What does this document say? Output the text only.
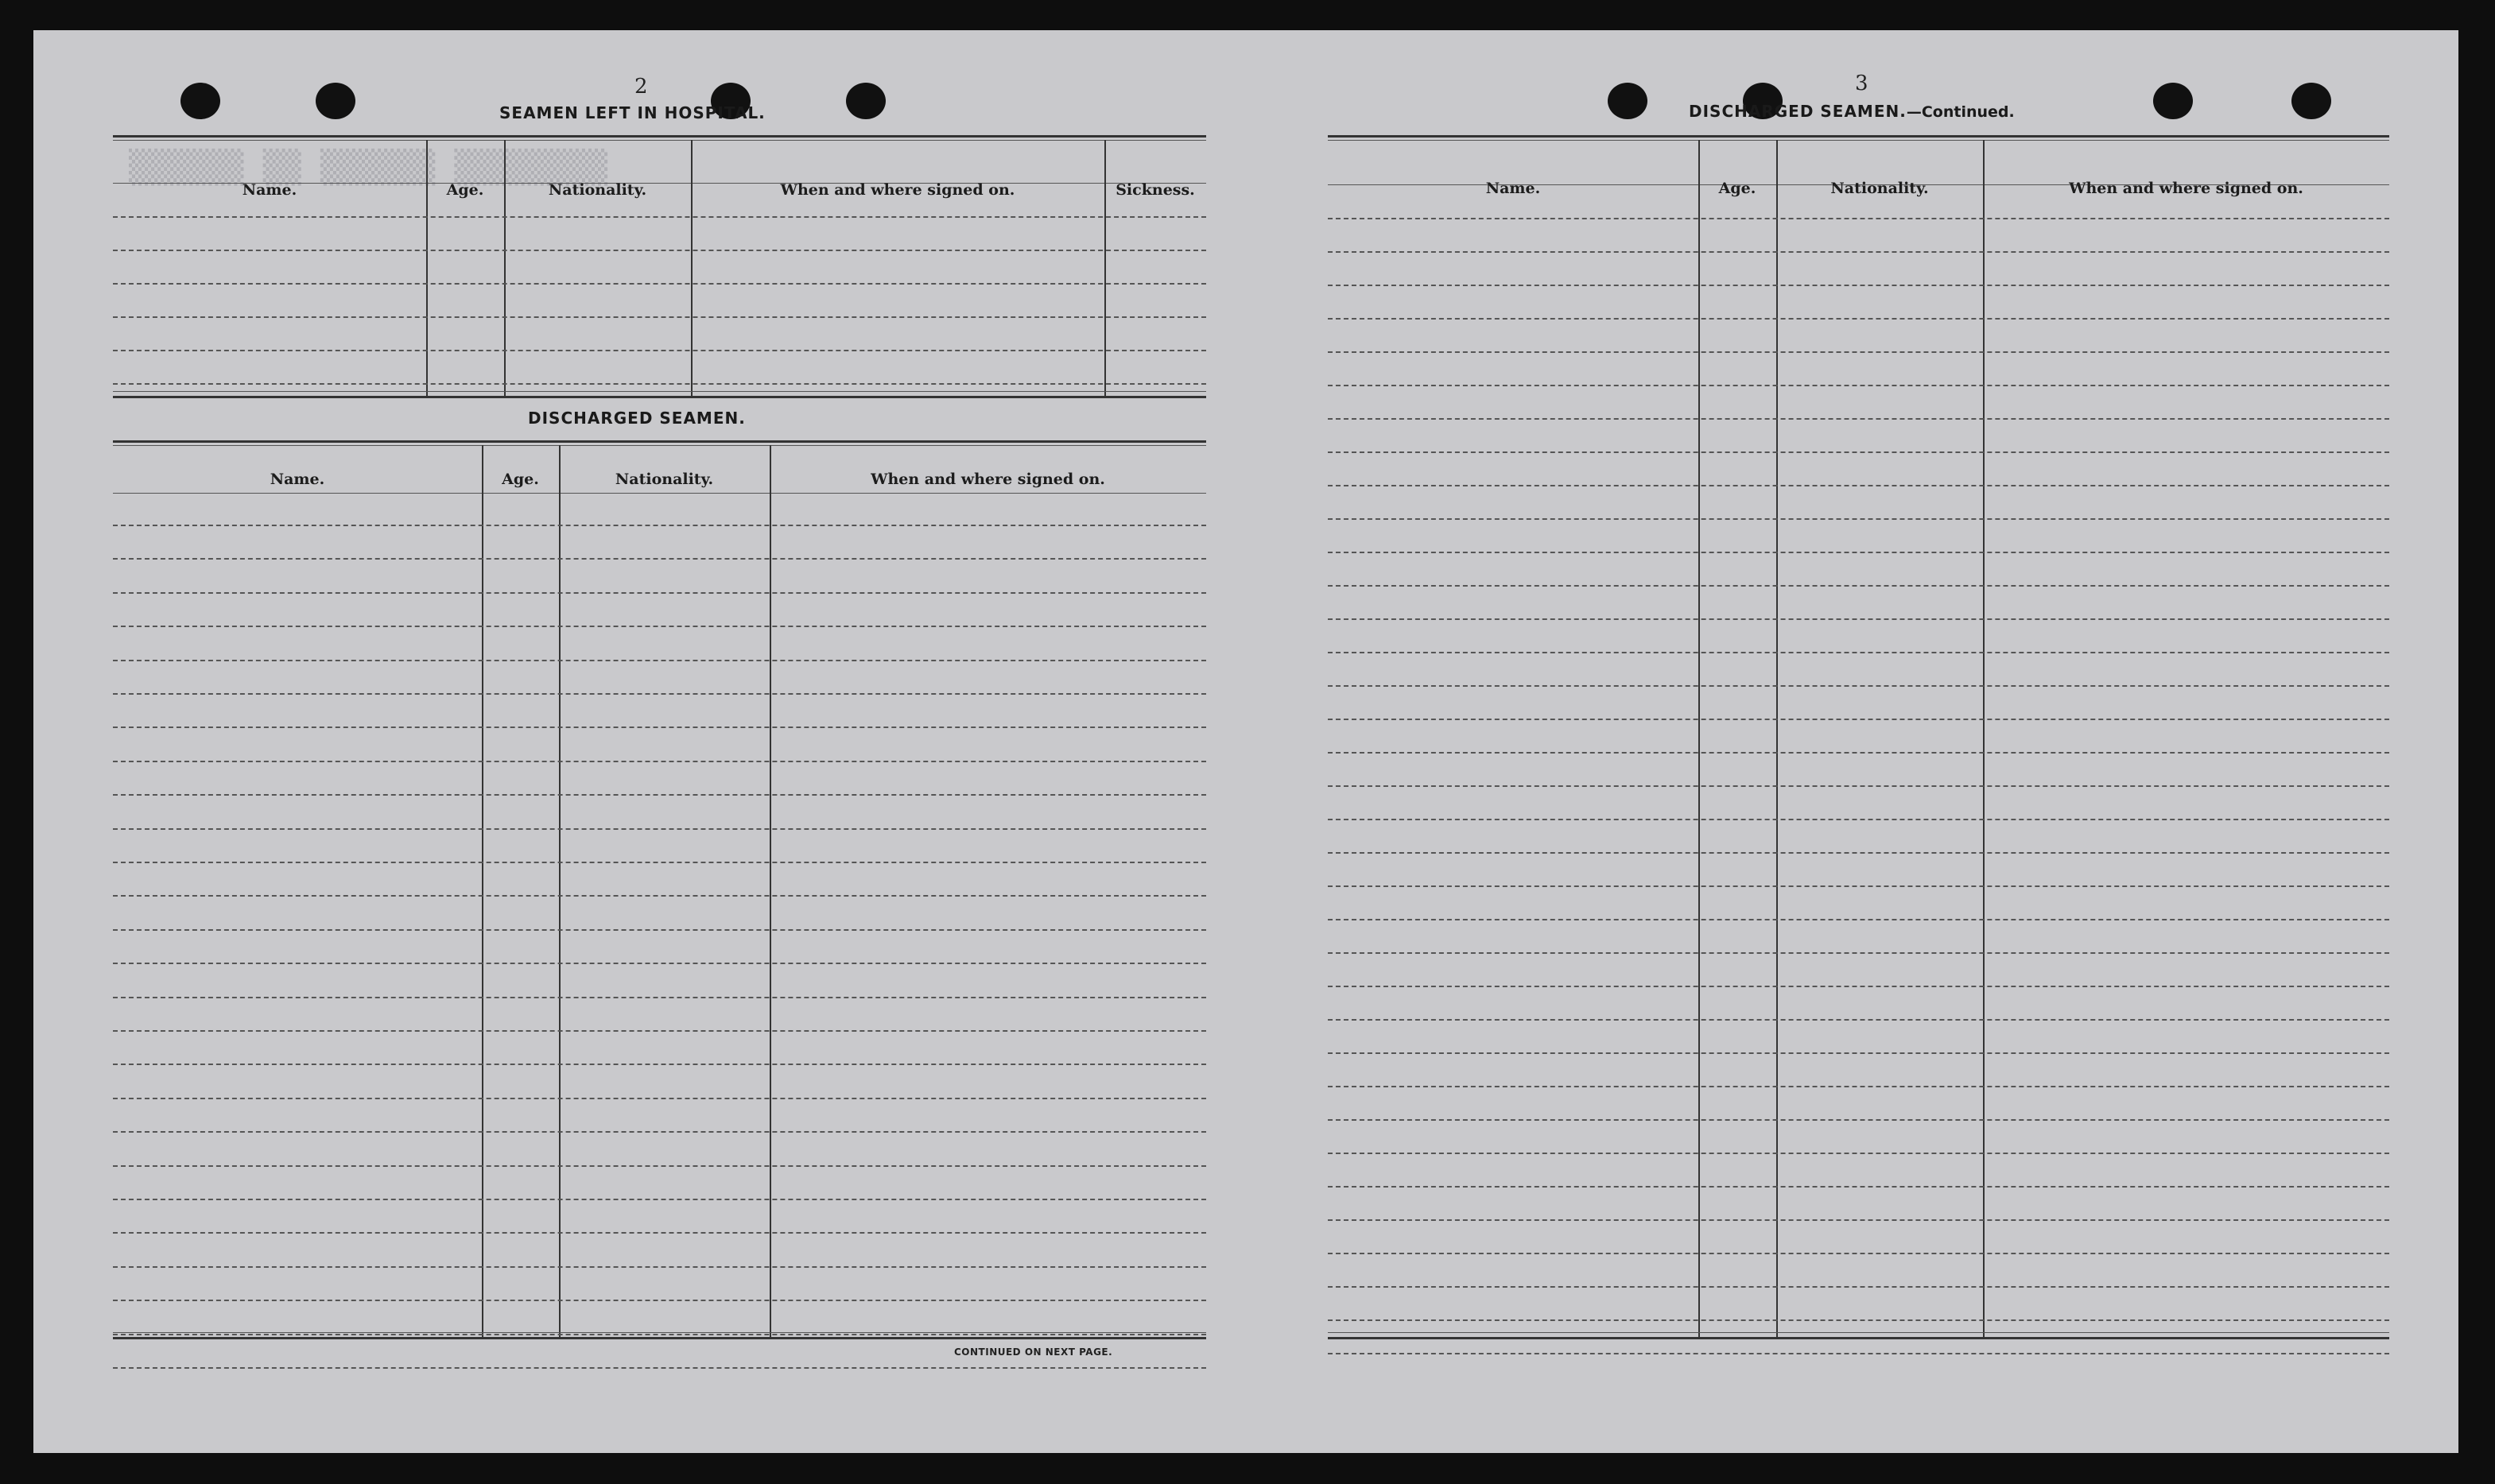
2
SEAMEN LEFT IN HOSPITAL.
Name.	Age.	Nationality.	When and where signed on.	Sickness.
DISCHARGED SEAMEN.
Name.	Age.	Nationality.	When and where signed on.
CONTINUED ON NEXT PAGE.
▒▒▒▒▒▒ ▒▒ ▒▒▒▒▒▒ ▒▒▒▒▒▒▒▒
3
DISCHARGED SEAMEN.—Continued.
Name.	Age.	Nationality.	When and where signed on.
